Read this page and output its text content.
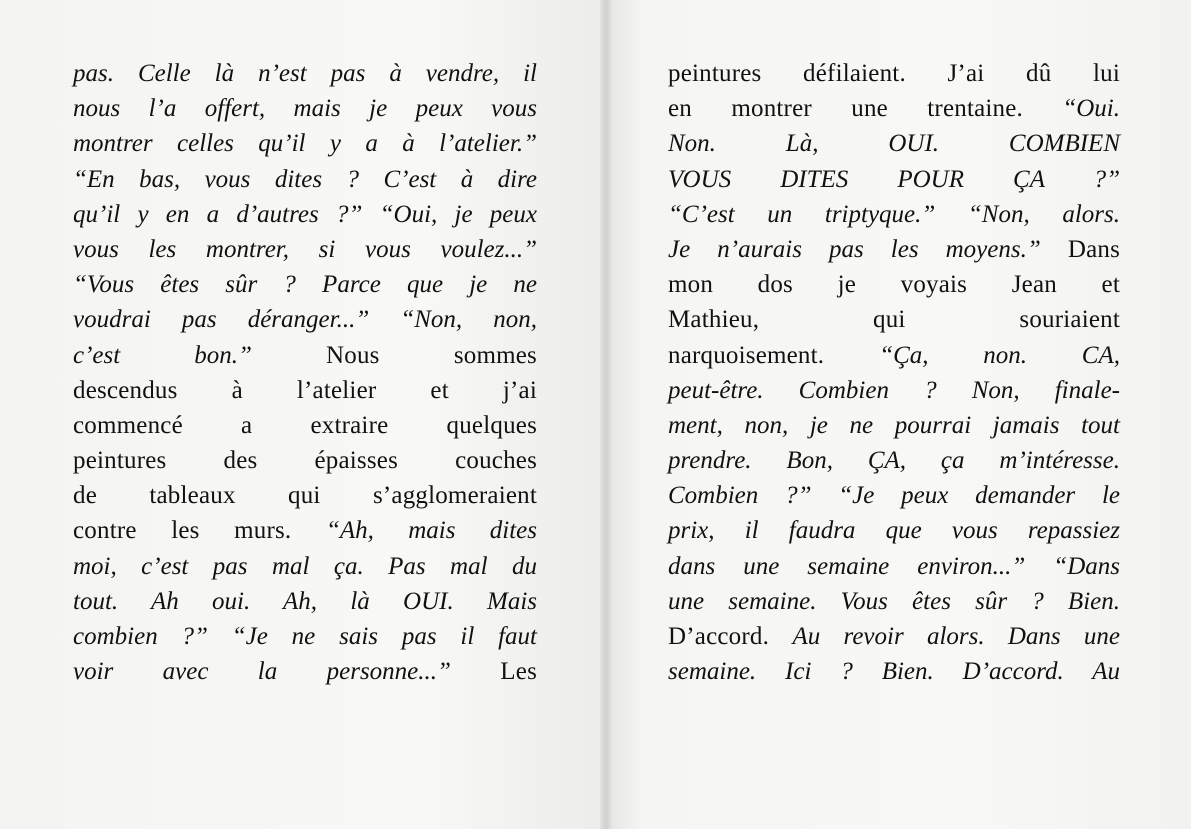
pas. Celle là n’est pas à vendre, il
nous l’a offert, mais je peux vous
montrer celles qu’il y a à l’atelier.”
“En bas, vous dites ? C’est à dire
qu’il y en a d’autres ?” “Oui, je peux
vous les montrer, si vous voulez...”
“Vous êtes sûr ? Parce que je ne
voudrai pas déranger...” “Non, non,
c’est bon.” Nous sommes
descendus à l’atelier et j’ai
commencé a extraire quelques
peintures des épaisses couches
de tableaux qui s’agglomeraient
contre les murs. “Ah, mais dites
moi, c’est pas mal ça. Pas mal du
tout. Ah oui. Ah, là OUI. Mais
combien ?” “Je ne sais pas il faut
voir avec la personne...” Les
peintures défilaient. J’ai dû lui
en montrer une trentaine. “Oui.
Non. Là, OUI. COMBIEN
VOUS DITES POUR ÇA ?”
“C’est un triptyque.” “Non, alors.
Je n’aurais pas les moyens.” Dans
mon dos je voyais Jean et
Mathieu, qui souriaient
narquoisement. “Ça, non. CA,
peut-être. Combien ? Non, finale-
ment, non, je ne pourrai jamais tout
prendre. Bon, ÇA, ça m’intéresse.
Combien ?” “Je peux demander le
prix, il faudra que vous repassiez
dans une semaine environ...” “Dans
une semaine. Vous êtes sûr ? Bien.
D’accord. Au revoir alors. Dans une
semaine. Ici ? Bien. D’accord. Au
